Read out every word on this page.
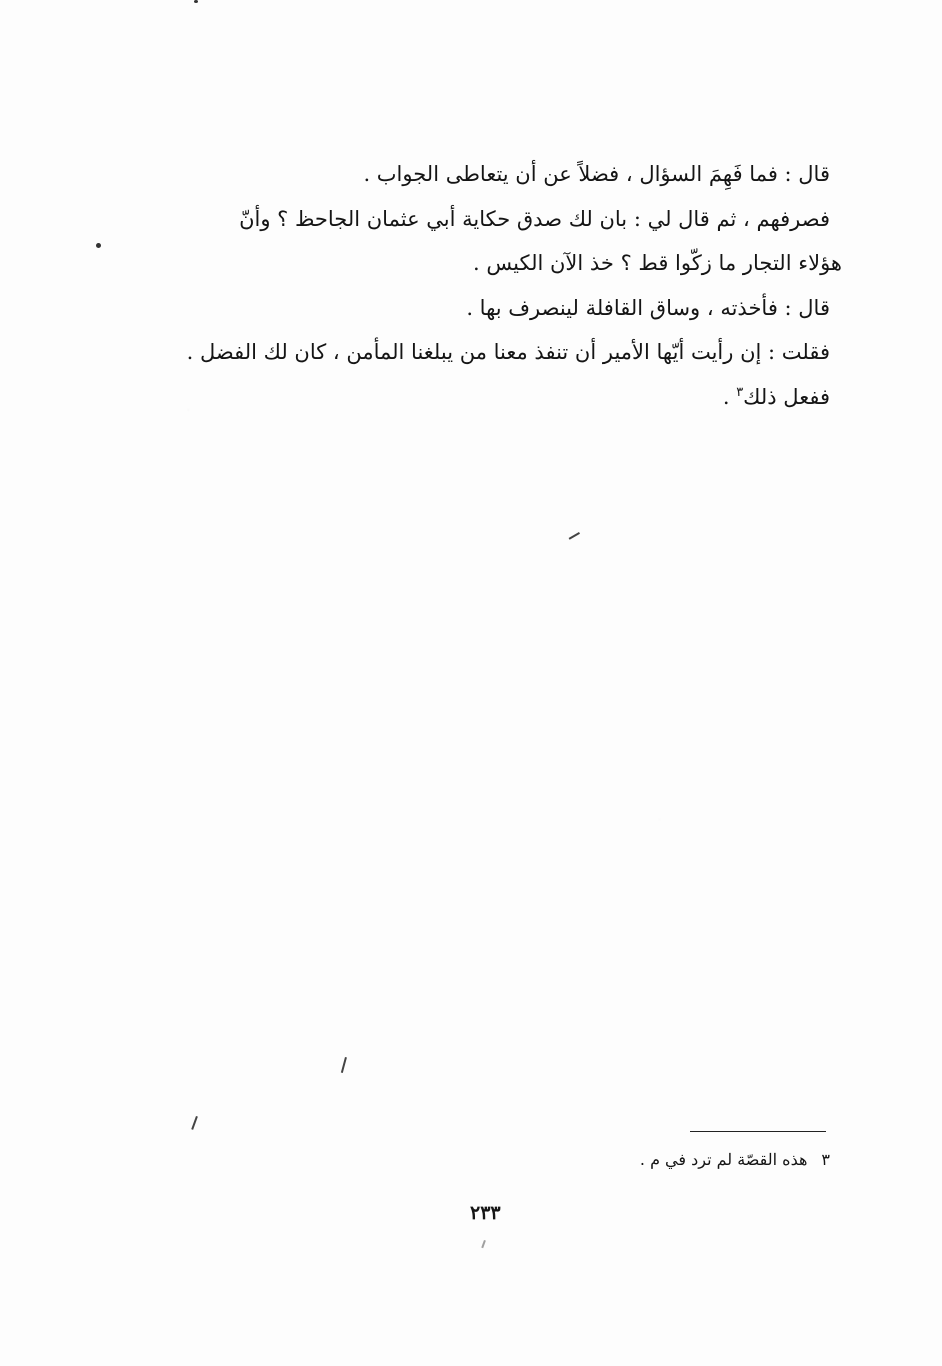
قال : فما فَهِمَ السؤال ، فضلاً عن أن يتعاطى الجواب .
فصرفهم ، ثم قال لي : بان لك صدق حكاية أبي عثمان الجاحظ ؟ وأنّ
هؤلاء التجار ما زكّوا قط ؟ خذ الآن الكيس .
قال : فأخذته ، وساق القافلة لينصرف بها .
فقلت : إن رأيت أيّها الأمير أن تنفذ معنا من يبلغنا المأمن ، كان لك الفضل .
ففعل ذلك$^٣$ .
٣هذه القصّة لم ترد في م .
٢٣٣
